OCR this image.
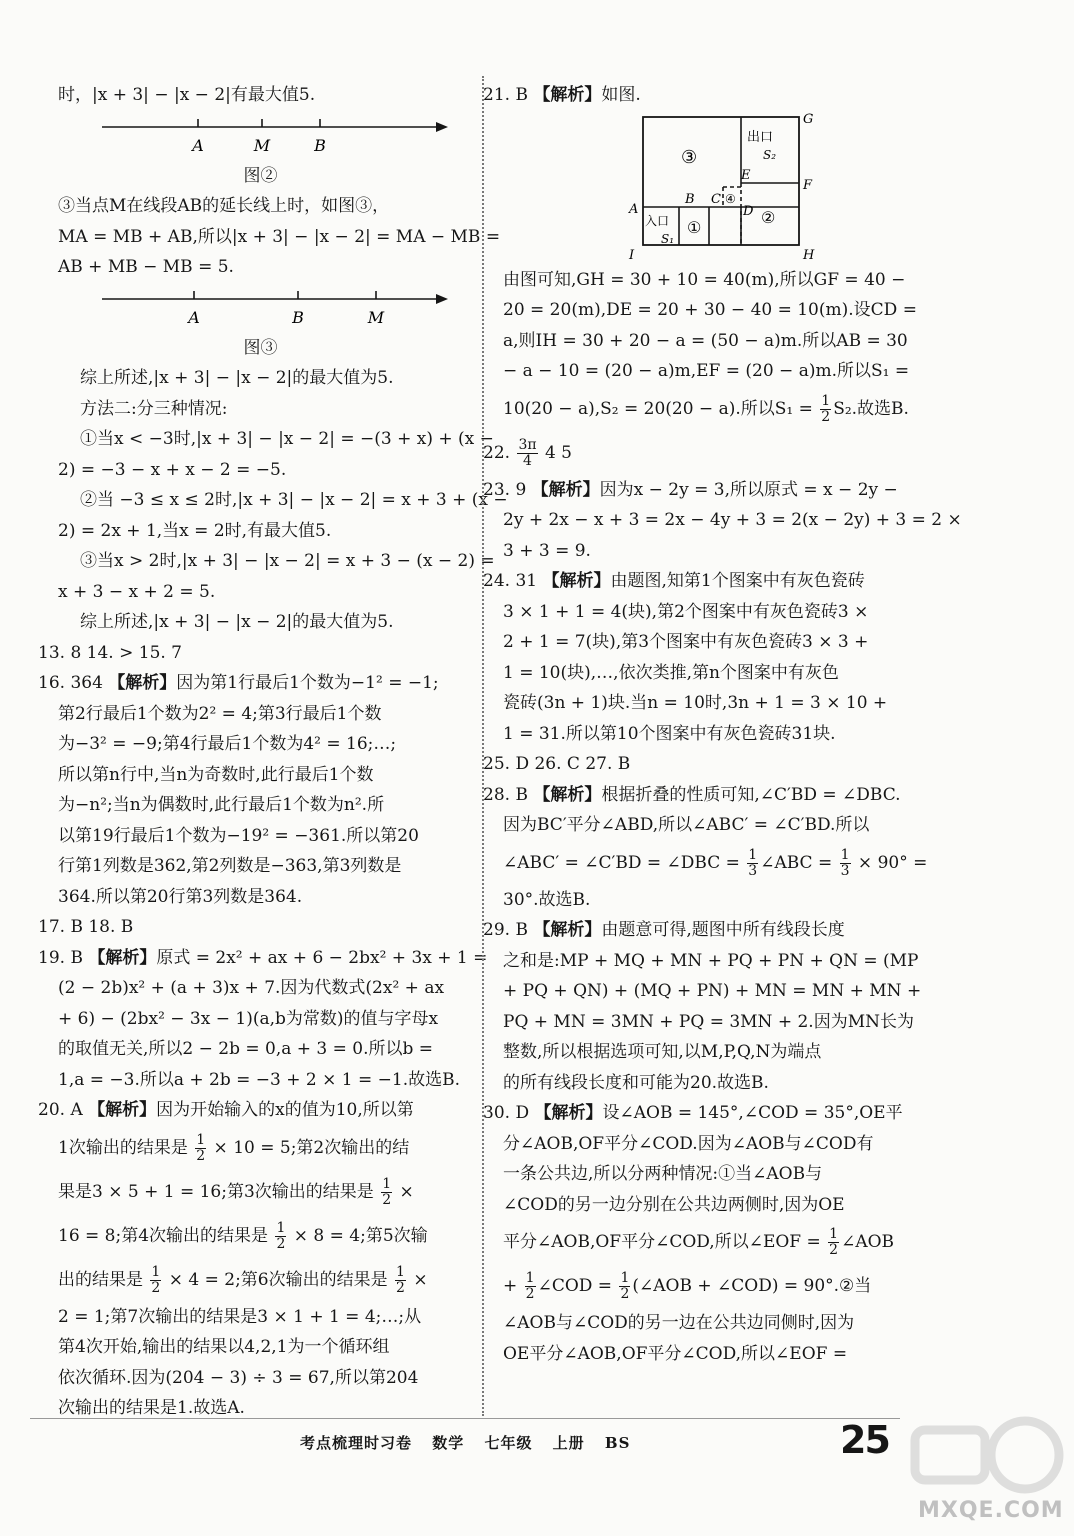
时，|x + 3| − |x − 2|有最大值5.

A	M	B

图②

③当点M在线段AB的延长线上时，如图③，

MA = MB + AB,所以|x + 3| − |x − 2| = MA − MB =

AB + MB − MB = 5.

A	B	M

图③

综上所述,|x + 3| − |x − 2|的最大值为5.

方法二:分三种情况:

①当x < −3时,|x + 3| − |x − 2| = −(3 + x) + (x −

2) = −3 − x + x − 2 = −5.

②当 −3 ≤ x ≤ 2时,|x + 3| − |x − 2| = x + 3 + (x −

2) = 2x + 1,当x = 2时,有最大值5.

③当x > 2时,|x + 3| − |x − 2| = x + 3 − (x − 2) =

x + 3 − x + 2 = 5.

综上所述,|x + 3| − |x − 2|的最大值为5.

13. 8 14. > 15. 7

16. 364 【解析】因为第1行最后1个数为−1² = −1;

第2行最后1个数为2² = 4;第3行最后1个数

为−3² = −9;第4行最后1个数为4² = 16;…;

所以第n行中,当n为奇数时,此行最后1个数

为−n²;当n为偶数时,此行最后1个数为n².所

以第19行最后1个数为−19² = −361.所以第20

行第1列数是362,第2列数是−363,第3列数是

364.所以第20行第3列数是364.

17. B 18. B

19. B 【解析】原式 = 2x² + ax + 6 − 2bx² + 3x + 1 =

(2 − 2b)x² + (a + 3)x + 7.因为代数式(2x² + ax

+ 6) − (2bx² − 3x − 1)(a,b为常数)的值与字母x

的取值无关,所以2 − 2b = 0,a + 3 = 0.所以b =

1,a = −3.所以a + 2b = −3 + 2 × 1 = −1.故选B.

20. A 【解析】因为开始输入的x的值为10,所以第

1次输出的结果是 $\frac{1}{2} \times 10 = 5$;第2次输出的结

果是3 × 5 + 1 = 16;第3次输出的结果是 $\frac{1}{2}$ ×

16 = 8;第4次输出的结果是 $\frac{1}{2} \times 8 = 4$;第5次输

出的结果是 $\frac{1}{2} \times 4 = 2$;第6次输出的结果是 $\frac{1}{2}$ ×

2 = 1;第7次输出的结果是3 × 1 + 1 = 4;…;从

第4次开始,输出的结果以4,2,1为一个循环组

依次循环.因为(204 − 3) ÷ 3 = 67,所以第204

次输出的结果是1.故选A.

21. B 【解析】如图.

G
F
H
I
A
B C
D
E
出口
S₂
入口
S₁
③
①
②
④

由图可知,GH = 30 + 10 = 40(m),所以GF = 40 −

20 = 20(m),DE = 20 + 30 − 40 = 10(m).设CD =

a,则IH = 30 + 20 − a = (50 − a)m.所以AB = 30

− a − 10 = (20 − a)m,EF = (20 − a)m.所以S₁ =

10(20 − a),S₂ = 20(20 − a).所以$S_1 = \frac{1}{2} S_2$.故选B.

22. $\frac{3\pi}{4} 4$ 5

23. 9 【解析】因为x − 2y = 3,所以原式 = x − 2y −

2y + 2x − x + 3 = 2x − 4y + 3 = 2(x − 2y) + 3 = 2 ×

3 + 3 = 9.

24. 31 【解析】由题图,知第1个图案中有灰色瓷砖

3 × 1 + 1 = 4(块),第2个图案中有灰色瓷砖3 ×

2 + 1 = 7(块),第3个图案中有灰色瓷砖3 × 3 +

1 = 10(块),…,依次类推,第n个图案中有灰色

瓷砖(3n + 1)块.当n = 10时,3n + 1 = 3 × 10 +

1 = 31.所以第10个图案中有灰色瓷砖31块.

25. D 26. C 27. B

28. B 【解析】根据折叠的性质可知,∠C′BD = ∠DBC.

因为BC′平分∠ABD,所以∠ABC′ = ∠C′BD.所以

∠ABC′ = ∠C′BD = ∠DBC = $\frac{1}{3}$ ∠ABC = $\frac{1}{3} \times 90^\circ$ =

30°.故选B.

29. B 【解析】由题意可得,题图中所有线段长度

之和是:MP + MQ + MN + PQ + PN + QN = (MP

+ PQ + QN) + (MQ + PN) + MN = MN + MN +

PQ + MN = 3MN + PQ = 3MN + 2.因为MN长为

整数,所以根据选项可知,以M,P,Q,N为端点

的所有线段长度和可能为20.故选B.

30. D 【解析】设∠AOB = 145°,∠COD = 35°,OE平

分∠AOB,OF平分∠COD.因为∠AOB与∠COD有

一条公共边,所以分两种情况:①当∠AOB与

∠COD的另一边分别在公共边两侧时,因为OE

平分∠AOB,OF平分∠COD,所以∠EOF = $\frac{1}{2}$ ∠AOB

+ $\frac{1}{2}$ ∠COD = $\frac{1}{2}$ (∠AOB + ∠COD) = 90°.②当

∠AOB与∠COD的另一边在公共边同侧时,因为

OE平分∠AOB,OF平分∠COD,所以∠EOF =

考点梳理时习卷 数学 七年级 上册 BS	25
MXQE.COM
